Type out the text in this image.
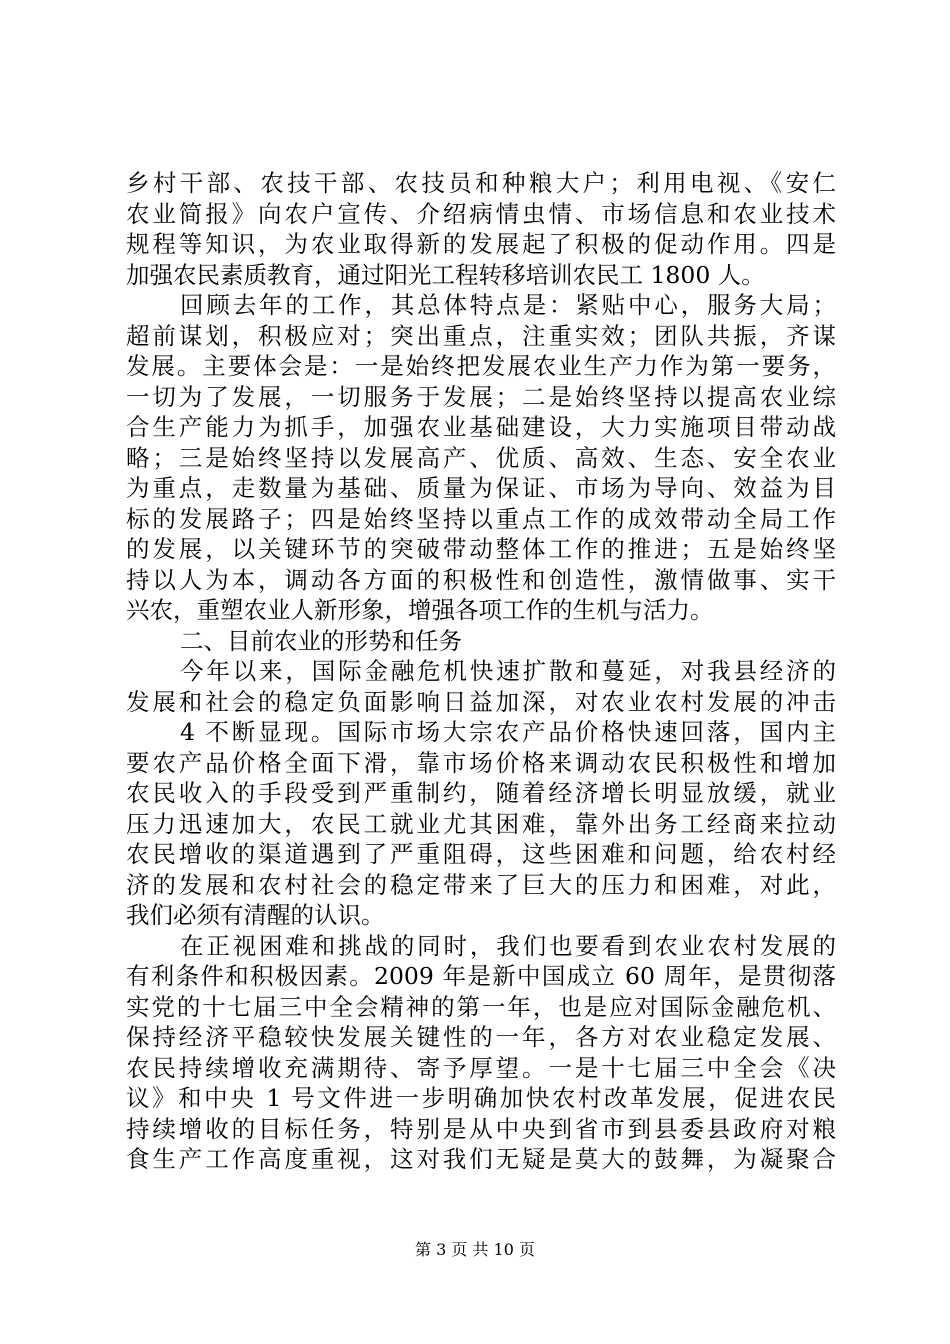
乡村干部、农技干部、农技员和种粮大户；利用电视、《安仁
农业简报》向农户宣传、介绍病情虫情、市场信息和农业技术
规程等知识，为农业取得新的发展起了积极的促动作用。四是
加强农民素质教育，通过阳光工程转移培训农民工 1800 人。
回顾去年的工作，其总体特点是：紧贴中心，服务大局；
超前谋划，积极应对；突出重点，注重实效；团队共振，齐谋
发展。主要体会是：一是始终把发展农业生产力作为第一要务，
一切为了发展，一切服务于发展；二是始终坚持以提高农业综
合生产能力为抓手，加强农业基础建设，大力实施项目带动战
略；三是始终坚持以发展高产、优质、高效、生态、安全农业
为重点，走数量为基础、质量为保证、市场为导向、效益为目
标的发展路子；四是始终坚持以重点工作的成效带动全局工作
的发展，以关键环节的突破带动整体工作的推进；五是始终坚
持以人为本，调动各方面的积极性和创造性，激情做事、实干
兴农，重塑农业人新形象，增强各项工作的生机与活力。
二、目前农业的形势和任务
今年以来，国际金融危机快速扩散和蔓延，对我县经济的
发展和社会的稳定负面影响日益加深，对农业农村发展的冲击
4 不断显现。国际市场大宗农产品价格快速回落，国内主
要农产品价格全面下滑，靠市场价格来调动农民积极性和增加
农民收入的手段受到严重制约，随着经济增长明显放缓，就业
压力迅速加大，农民工就业尤其困难，靠外出务工经商来拉动
农民增收的渠道遇到了严重阻碍，这些困难和问题，给农村经
济的发展和农村社会的稳定带来了巨大的压力和困难，对此，
我们必须有清醒的认识。
在正视困难和挑战的同时，我们也要看到农业农村发展的
有利条件和积极因素。2009 年是新中国成立 60 周年，是贯彻落
实党的十七届三中全会精神的第一年，也是应对国际金融危机、
保持经济平稳较快发展关键性的一年，各方对农业稳定发展、
农民持续增收充满期待、寄予厚望。一是十七届三中全会《决
议》和中央 1 号文件进一步明确加快农村改革发展，促进农民
持续增收的目标任务，特别是从中央到省市到县委县政府对粮
食生产工作高度重视，这对我们无疑是莫大的鼓舞，为凝聚合
第 3 页 共 10 页
